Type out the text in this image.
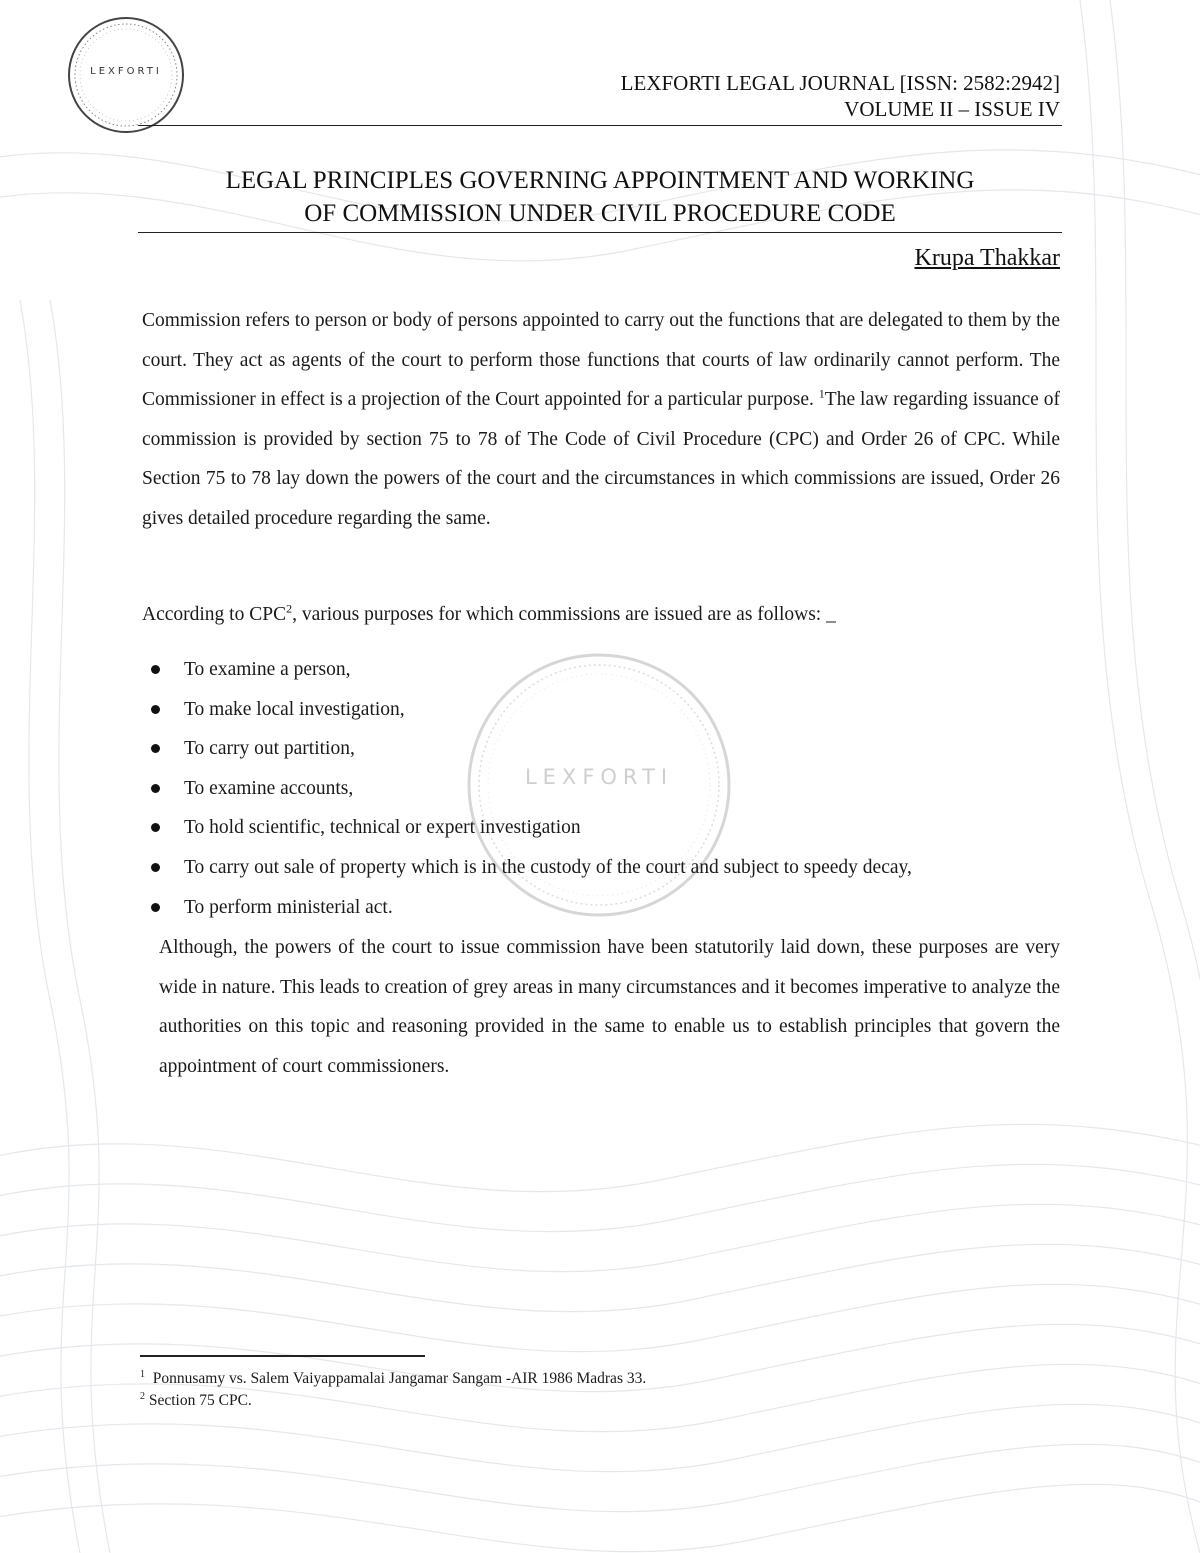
LEXFORTI	LEXFORTI LEGAL JOURNAL [ISSN: 2582:2942]
VOLUME II – ISSUE IV
LEGAL PRINCIPLES GOVERNING APPOINTMENT AND WORKING
OF COMMISSION UNDER CIVIL PROCEDURE CODE
Krupa Thakkar
LEXFORTI

Commission refers to person or body of persons appointed to carry out the functions that are delegated to them by the court. They act as agents of the court to perform those functions that courts of law ordinarily cannot perform. The Commissioner in effect is a projection of the Court appointed for a particular purpose. $^1$The law regarding issuance of commission is provided by section 75 to 78 of The Code of Civil Procedure (CPC) and Order 26 of CPC. While Section 75 to 78 lay down the powers of the court and the circumstances in which commissions are issued, Order 26 gives detailed procedure regarding the same.

According to CPC$^2$, various purposes for which commissions are issued are as follows: _

To examine a person,
To make local investigation,
To carry out partition,
To examine accounts,
To hold scientific, technical or expert investigation
To carry out sale of property which is in the custody of the court and subject to speedy decay,
To perform ministerial act.

Although, the powers of the court to issue commission have been statutorily laid down, these purposes are very wide in nature. This leads to creation of grey areas in many circumstances and it becomes imperative to analyze the authorities on this topic and reasoning provided in the same to enable us to establish principles that govern the appointment of court commissioners.

$^1$ Ponnusamy vs. Salem Vaiyappamalai Jangamar Sangam -AIR 1986 Madras 33.
$^2$ Section 75 CPC.
